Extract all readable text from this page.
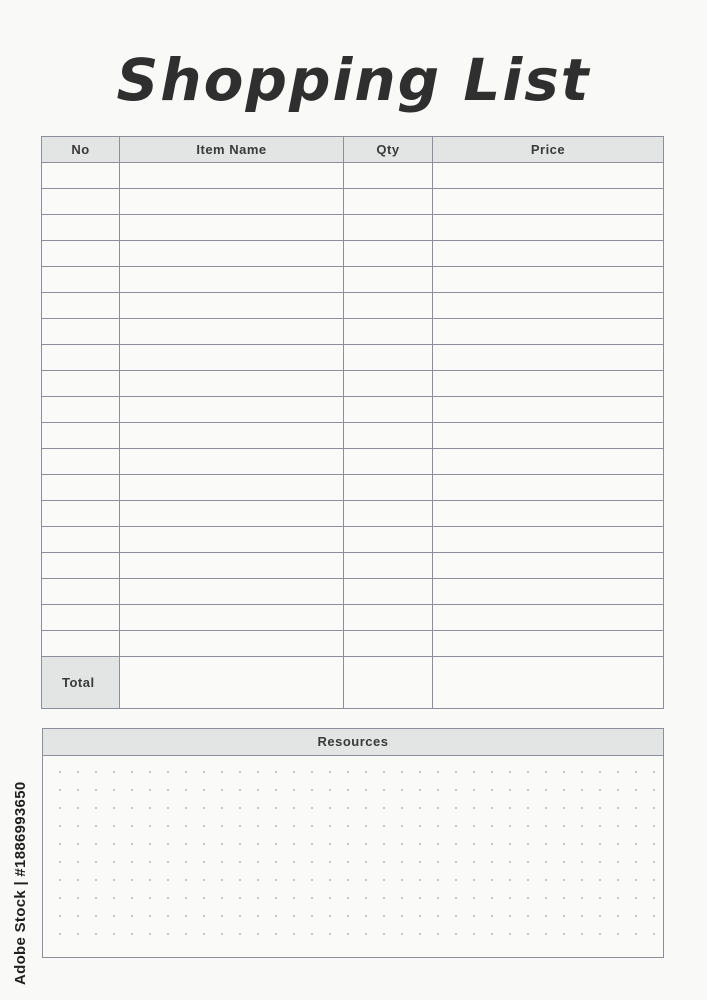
Shopping List
No	Item Name	Qty	Price

Total			
Resources
Adobe Stock | #1886993650
